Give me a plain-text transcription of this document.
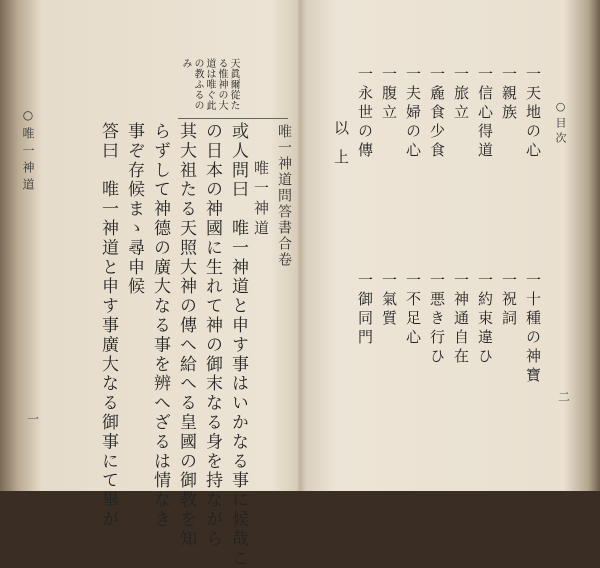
天眞爾從た
る惟神の大
道は唯ぐ此
の教ふるの
み
唯一神道問答書合卷
唯一神道
或人問曰　唯一神道と申す事はいかなる事に候哉こ
の日本の神國に生れて神の御末なる身を持ながら
其大祖たる天照大神の傳へ給へる皇國の御教を知
らずして神德の廣大なる事を辨へざるは情なき
事ぞ存候まゝ尋申候
答曰　唯一神道と申す事廣大なる御事にて畢が
○唯一神道
一
○目次
一天地の心
一親族
一信心得道
一旅立
一麁食少食
一夫婦の心
一腹立
一永世の傳
以上
一十種の神寶
一祝詞
一約束違ひ
一神通自在
一悪き行ひ
一不足心
一氣質
一御同門
二
